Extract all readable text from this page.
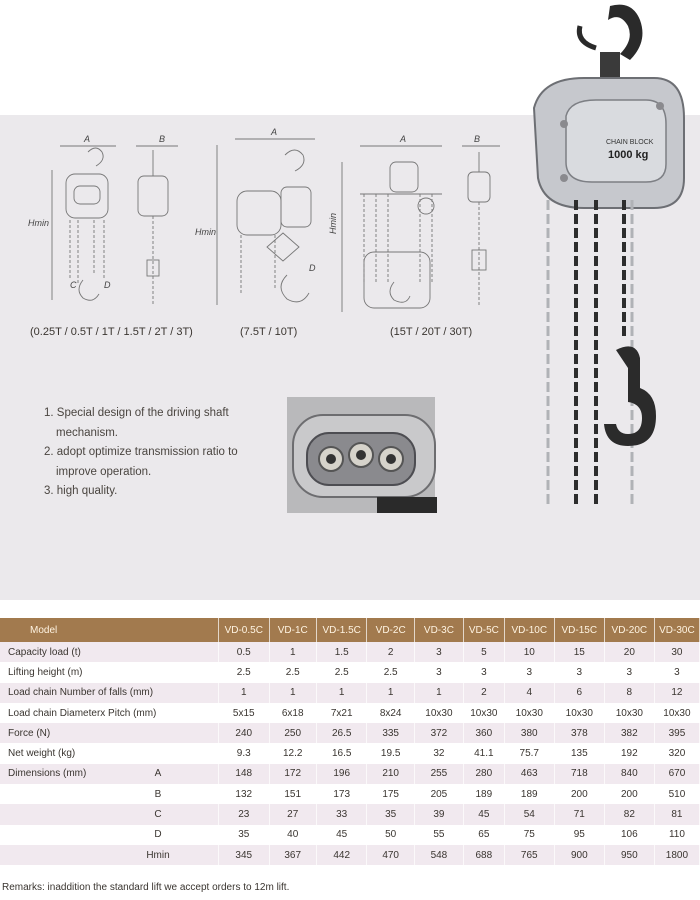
A	B
Hmin
C	D
(0.25T / 0.5T / 1T / 1.5T / 2T / 3T)
A
Hmin
D
(7.5T / 10T)
A	B
Hmin
(15T / 20T / 30T)
1. Special design of the driving shaft mechanism.
2. adopt optimize transmission ratio to improve operation.
3. high quality.
CHAIN BLOCK
1000 kg
Model	VD-0.5C	VD-1C	VD-1.5C	VD-2C	VD-3C	VD-5C	VD-10C	VD-15C	VD-20C	VD-30C
Capacity load (t)	0.5	1	1.5	2	3	5	10	15	20	30
Lifting height (m)	2.5	2.5	2.5	2.5	3	3	3	3	3	3
Load chain Number of falls (mm)	1	1	1	1	1	2	4	6	8	12
Load chain Diameterx Pitch (mm)	5x15	6x18	7x21	8x24	10x30	10x30	10x30	10x30	10x30	10x30
Force (N)	240	250	26.5	335	372	360	380	378	382	395
Net weight (kg)	9.3	12.2	16.5	19.5	32	41.1	75.7	135	192	320
Dimensions (mm) A	148	172	196	210	255	280	463	718	840	670
B	132	151	173	175	205	189	189	200	200	510
C	23	27	33	35	39	45	54	71	82	81
D	35	40	45	50	55	65	75	95	106	110
Hmin	345	367	442	470	548	688	765	900	950	1800
Remarks: inaddition the standard lift we accept orders to 12m lift.
